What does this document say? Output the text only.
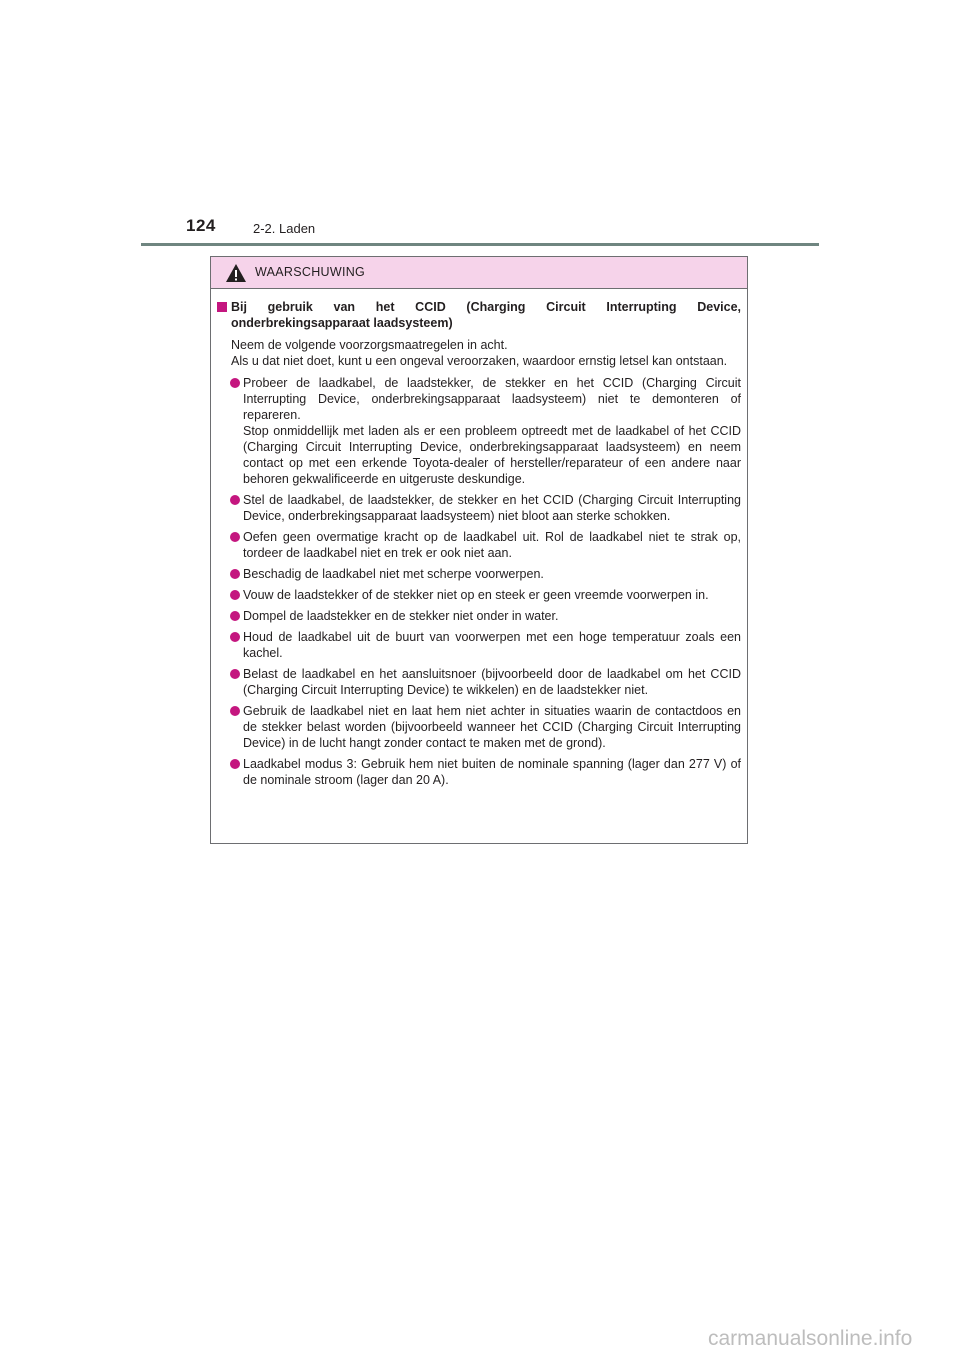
124	2-2. Laden
WAARSCHUWING
Bij gebruik van het CCID (Charging Circuit Interrupting Device, onderbrekingsapparaat laadsysteem)

Neem de volgende voorzorgsmaatregelen in acht.

Als u dat niet doet, kunt u een ongeval veroorzaken, waardoor ernstig letsel kan ontstaan.

Probeer de laadkabel, de laadstekker, de stekker en het CCID (Charging Circuit Interrupting Device, onderbrekingsapparaat laadsysteem) niet te demonteren of repareren.

Stop onmiddellijk met laden als er een probleem optreedt met de laadkabel of het CCID (Charging Circuit Interrupting Device, onderbrekingsapparaat laadsysteem) en neem contact op met een erkende Toyota-dealer of hersteller/reparateur of een andere naar behoren gekwalificeerde en uitgeruste deskundige.

Stel de laadkabel, de laadstekker, de stekker en het CCID (Charging Circuit Interrupting Device, onderbrekingsapparaat laadsysteem) niet bloot aan sterke schokken.

Oefen geen overmatige kracht op de laadkabel uit. Rol de laadkabel niet te strak op, tordeer de laadkabel niet en trek er ook niet aan.

Beschadig de laadkabel niet met scherpe voorwerpen.

Vouw de laadstekker of de stekker niet op en steek er geen vreemde voorwerpen in.

Dompel de laadstekker en de stekker niet onder in water.

Houd de laadkabel uit de buurt van voorwerpen met een hoge temperatuur zoals een kachel.

Belast de laadkabel en het aansluitsnoer (bijvoorbeeld door de laadkabel om het CCID (Charging Circuit Interrupting Device) te wikkelen) en de laadstekker niet.

Gebruik de laadkabel niet en laat hem niet achter in situaties waarin de contactdoos en de stekker belast worden (bijvoorbeeld wanneer het CCID (Charging Circuit Interrupting Device) in de lucht hangt zonder contact te maken met de grond).

Laadkabel modus 3: Gebruik hem niet buiten de nominale spanning (lager dan 277 V) of de nominale stroom (lager dan 20 A).

carmanualsonline.info
